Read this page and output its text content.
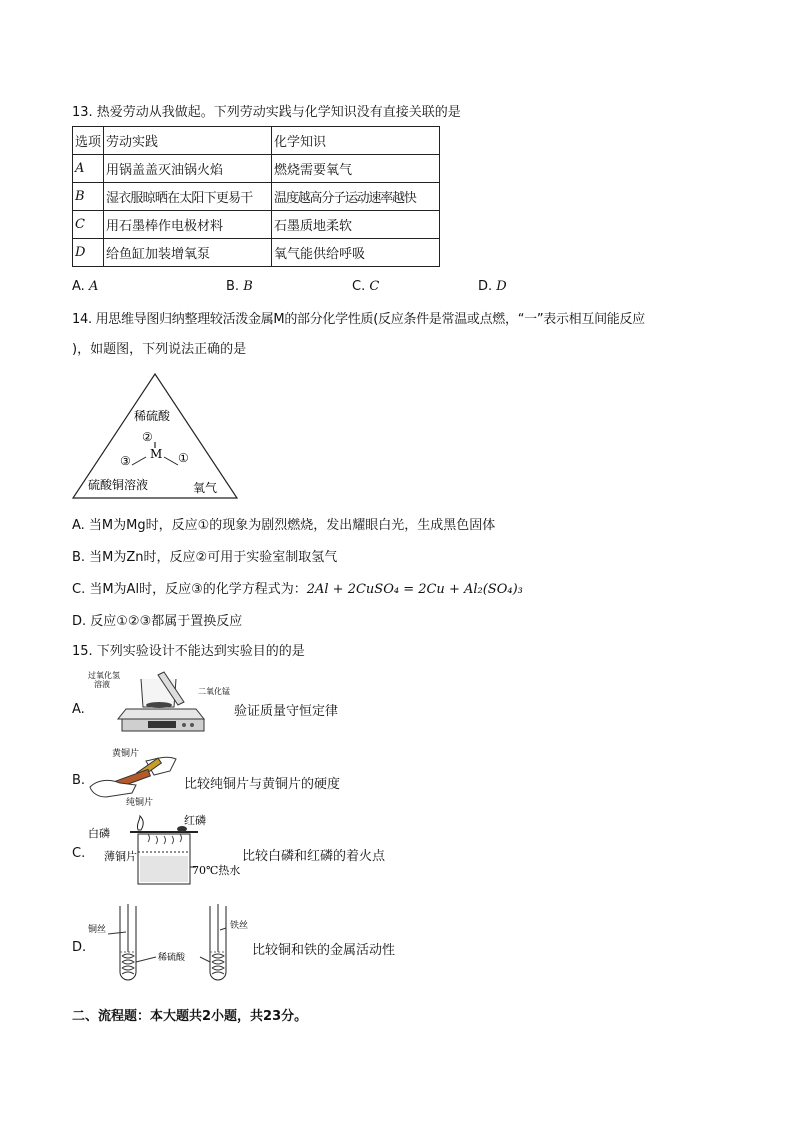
13. 热爱劳动从我做起。下列劳动实践与化学知识没有直接关联的是
选项	劳动实践	化学知识
A	用锅盖盖灭油锅火焰	燃烧需要氧气
B	湿衣服晾晒在太阳下更易干	温度越高分子运动速率越快
C	用石墨棒作电极材料	石墨质地柔软
D	给鱼缸加装增氧泵	氧气能供给呼吸
A. A	B. B	C. C	D. D
14. 用思维导图归纳整理较活泼金属M的部分化学性质(反应条件是常温或点燃，“一”表示相互间能反应
)，如题图，下列说法正确的是
稀硫酸
②
M
③	①
硫酸铜溶液	氧气
A. 当M为Mg时，反应①的现象为剧烈燃烧，发出耀眼白光，生成黑色固体
B. 当M为Zn时，反应②可用于实验室制取氢气
C. 当M为Al时，反应③的化学方程式为：2Al + 2CuSO₄ = 2Cu + Al₂(SO₄)₃
D. 反应①②③都属于置换反应
15. 下列实验设计不能达到实验目的的是
A.
过氧化氢
溶液
二氧化锰
验证质量守恒定律
B.
黄铜片
纯铜片
比较纯铜片与黄铜片的硬度
C.
红磷
白磷
薄铜片
70℃热水
比较白磷和红磷的着火点
D.
铜丝	铁丝
稀硫酸	比较铜和铁的金属活动性
二、流程题：本大题共2小题，共23分。
